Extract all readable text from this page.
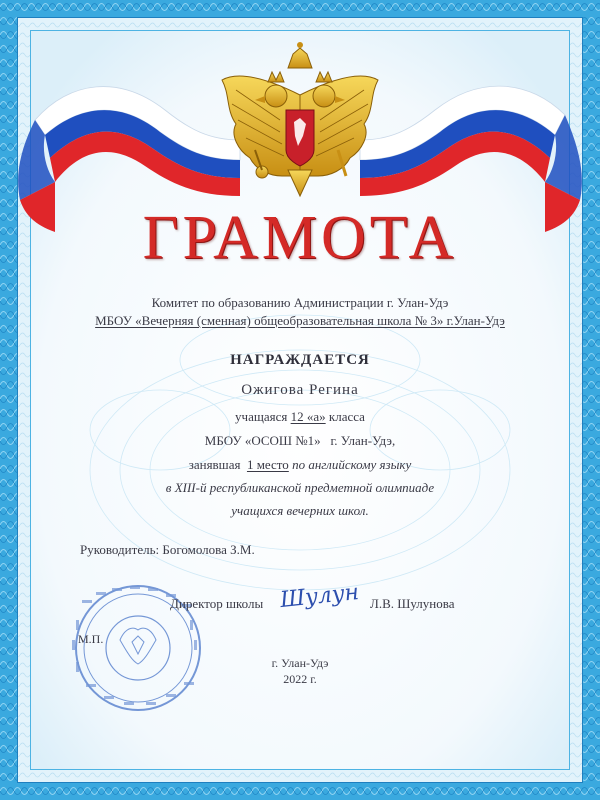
ГРАМОТА
Комитет по образованию Администрации г. Улан-Удэ
МБОУ «Вечерняя (сменная) общеобразовательная школа № 3» г.Улан-Удэ
НАГРАЖДАЕТСЯ
Ожигова Регина
учащаяся 12 «а» класса
МБОУ «ОСОШ №1» г. Улан-Удэ,
занявшая 1 место по английскому языку
в XIII-й республиканской предметной олимпиаде
учащихся вечерних школ.
Руководитель: Богомолова З.М.
Директор школы Шулун Л.В. Шулунова
М.П.
г. Улан-Удэ
2022 г.
